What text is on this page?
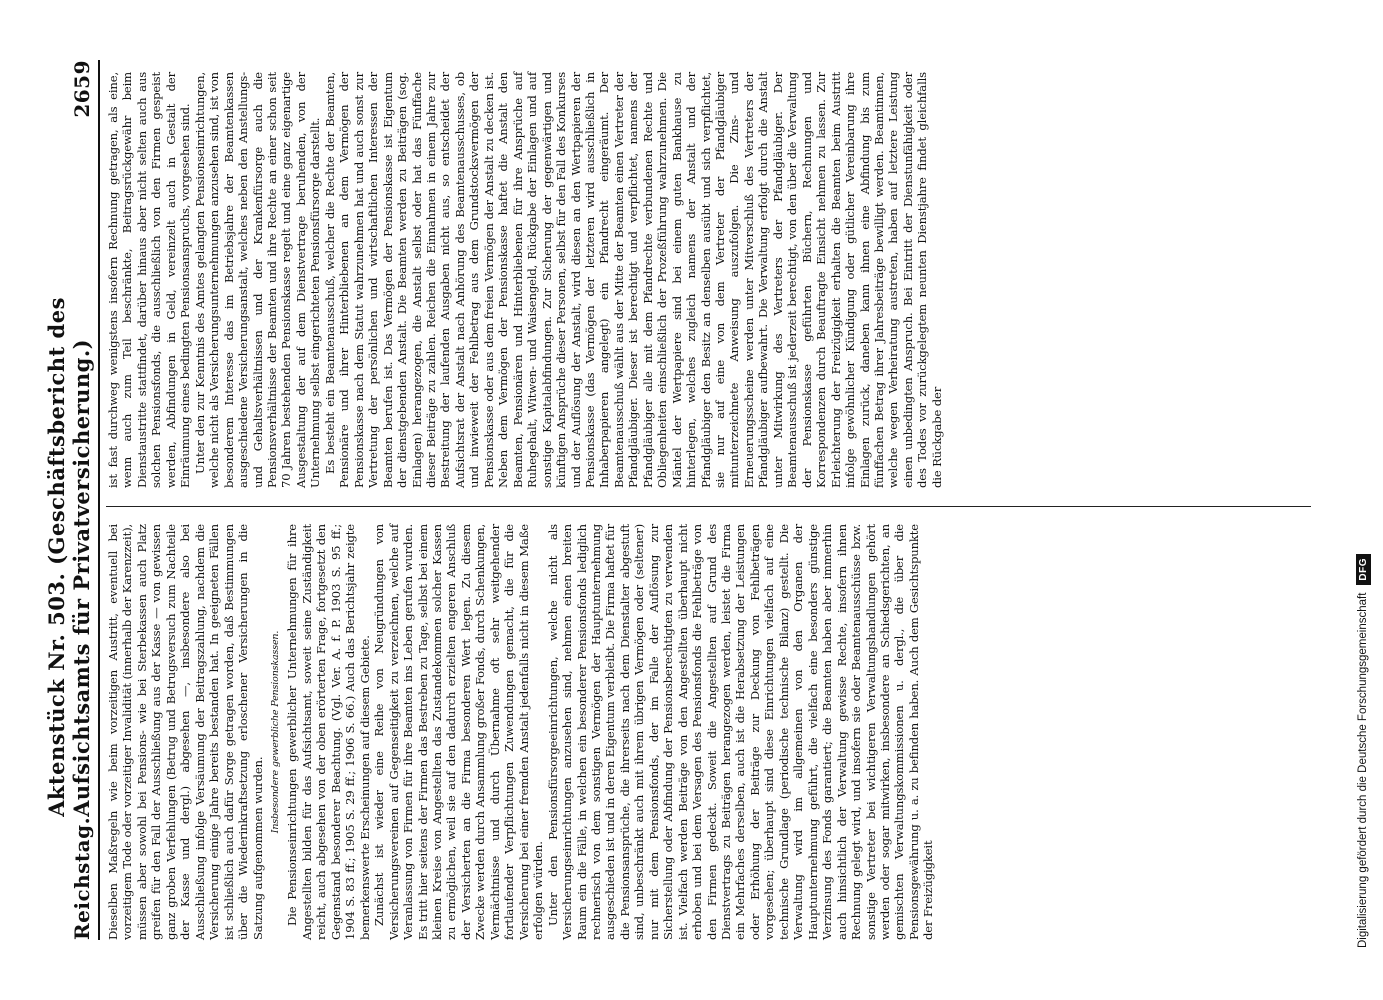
Reichstag.
Aktenstück Nr. 503. (Geschäftsbericht des Aufsichtsamts für Privatversicherung.)
2659

Dieselben Maßregeln wie beim vorzeitigen Austritt, eventuell bei vorzeitigem Tode oder vorzeitiger Invalidität (innerhalb der Karenzzeit), müssen aber sowohl bei Pensions- wie bei Sterbekassen auch Platz greifen für den Fall der Ausschließung aus der Kasse — von gewissen ganz groben Verfehlungen (Betrug und Betrugsversuch zum Nachteile der Kasse und dergl.) abgesehen —, insbesondere also bei Ausschließung infolge Versäumung der Beitragszahlung, nachdem die Versicherung einige Jahre bereits bestanden hat. In geeigneten Fällen ist schließlich auch dafür Sorge getragen worden, daß Bestimmungen über die Wiederinkraftsetzung erloschener Versicherungen in die Satzung aufgenommen wurden.

Insbesondere gewerbliche Pensionskassen. Die Pensionseinrichtungen gewerblicher Unternehmungen für ihre Angestellten bilden für das Aufsichtsamt, soweit seine Zuständigkeit reicht, auch abgesehen von der oben erörterten Frage, fortgesetzt den Gegenstand besonderer Beachtung. (Vgl. Ver. A. f. P. 1903 S. 95 ff.; 1904 S. 83 ff.; 1905 S. 29 ff.; 1906 S. 66.) Auch das Berichtsjahr zeigte bemerkenswerte Erscheinungen auf diesem Gebiete. Zunächst ist wieder eine Reihe von Neugründungen von Versicherungsvereinen auf Gegenseitigkeit zu verzeichnen, welche auf Veranlassung von Firmen für ihre Beamten ins Leben gerufen wurden. Es tritt hier seitens der Firmen das Bestreben zu Tage, selbst bei einem kleinen Kreise von Angestellten das Zustandekommen solcher Kassen zu ermöglichen, weil sie auf den dadurch erzielten engeren Anschluß der Versicherten an die Firma besonderen Wert legen. Zu diesem Zwecke werden durch Ansammlung großer Fonds, durch Schenkungen, Vermächtnisse und durch Übernahme oft sehr weitgehender fortlaufender Verpflichtungen Zuwendungen gemacht, die für die Versicherung bei einer fremden Anstalt jedenfalls nicht in diesem Maße erfolgen würden. Unter den Pensionsfürsorgeeinrichtungen, welche nicht als Versicherungseinrichtungen anzusehen sind, nehmen einen breiten Raum ein die Fälle, in welchen ein besonderer Pensionsfonds lediglich rechnerisch von dem sonstigen Vermögen der Hauptunternehmung ausgeschieden ist und in deren Eigentum verbleibt. Die Firma haftet für die Pensionsansprüche, die ihrerseits nach dem Dienstalter abgestuft sind, unbeschränkt auch mit ihrem übrigen Vermögen oder (seltener) nur mit dem Pensionsfonds, der im Falle der Auflösung zur Sicherstellung oder Abfindung der Pensionsberechtigten zu verwenden ist. Vielfach werden Beiträge von den Angestellten überhaupt nicht erhoben und bei dem Versagen des Pensionsfonds die Fehlbeträge von den Firmen gedeckt. Soweit die Angestellten auf Grund des Dienstvertrags zu Beiträgen herangezogen werden, leistet die Firma ein Mehrfaches derselben, auch ist die Herabsetzung der Leistungen oder Erhöhung der Beiträge zur Deckung von Fehlbeträgen vorgesehen; überhaupt sind diese Einrichtungen vielfach auf eine technische Grundlage (periodische technische Bilanz) gestellt. Die Verwaltung wird im allgemeinen von den Organen der Hauptunternehmung geführt, die vielfach eine besonders günstige Verzinsung des Fonds garantiert; die Beamten haben aber immerhin auch hinsichtlich der Verwaltung gewisse Rechte, insofern ihnen Rechnung gelegt wird, und insofern sie oder Beamtenausschüsse bzw. sonstige Vertreter bei wichtigeren Verwaltungshandlungen gehört werden oder sogar mitwirken, insbesondere an Schiedsgerichten, an gemischten Verwaltungskommissionen u. dergl., die über die Pensionsgewährung u. a. zu befinden haben. Auch dem Gesichtspunkte der Freizügigkeit

ist fast durchweg wenigstens insofern Rechnung getragen, als eine, wenn auch zum Teil beschränkte, Beitragsrückgewähr beim Dienstaustritte stattfindet, darüber hinaus aber nicht selten auch aus solchen Pensionsfonds, die ausschließlich von den Firmen gespeist werden, Abfindungen in Geld, vereinzelt auch in Gestalt der Einräumung eines bedingten Pensionsanspruchs, vorgesehen sind. Unter den zur Kenntnis des Amtes gelangten Pensionseinrichtungen, welche nicht als Versicherungsunternehmungen anzusehen sind, ist von besonderem Interesse das im Betriebsjahre der Beamtenkassen ausgeschiedene Versicherungsanstalt, welches neben den Anstellungs- und Gehaltsverhältnissen und der Krankenfürsorge auch die Pensionsverhältnisse der Beamten und ihre Rechte an einer schon seit 70 Jahren bestehenden Pensionskasse regelt und eine ganz eigenartige Ausgestaltung der auf dem Dienstvertrage beruhenden, von der Unternehmung selbst eingerichteten Pensionsfürsorge darstellt. Es besteht ein Beamtenausschuß, welcher die Rechte der Beamten, Pensionäre und ihrer Hinterbliebenen an dem Vermögen der Pensionskasse nach dem Statut wahrzunehmen hat und auch sonst zur Vertretung der persönlichen und wirtschaftlichen Interessen der Beamten berufen ist. Das Vermögen der Pensionskasse ist Eigentum der dienstgebenden Anstalt. Die Beamten werden zu Beiträgen (sog. Einlagen) herangezogen, die Anstalt selbst oder hat das Fünffache dieser Beiträge zu zahlen. Reichen die Einnahmen in einem Jahre zur Bestreitung der laufenden Ausgaben nicht aus, so entscheidet der Aufsichtsrat der Anstalt nach Anhörung des Beamtenausschusses, ob und inwieweit der Fehlbetrag aus dem Grundstocksvermögen der Pensionskasse oder aus dem freien Vermögen der Anstalt zu decken ist. Neben dem Vermögen der Pensionskasse haftet die Anstalt den Beamten, Pensionären und Hinterbliebenen für ihre Ansprüche auf Ruhegehalt, Witwen- und Waisengeld, Rückgabe der Einlagen und auf sonstige Kapitalabfindungen. Zur Sicherung der gegenwärtigen und künftigen Ansprüche dieser Personen, selbst für den Fall des Konkurses und der Auflösung der Anstalt, wird diesen an den Wertpapieren der Pensionskasse (das Vermögen der letzteren wird ausschließlich in Inhaberpapieren angelegt) ein Pfandrecht eingeräumt. Der Beamtenausschuß wählt aus der Mitte der Beamten einen Vertreter der Pfandgläubiger. Dieser ist berechtigt und verpflichtet, namens der Pfandgläubiger alle mit dem Pfandrechte verbundenen Rechte und Obliegenheiten einschließlich der Prozeßführung wahrzunehmen. Die Mäntel der Wertpapiere sind bei einem guten Bankhause zu hinterlegen, welches zugleich namens der Anstalt und der Pfandgläubiger den Besitz an denselben ausübt und sich verpflichtet, sie nur auf eine von dem Vertreter der Pfandgläubiger mitunterzeichnete Anweisung auszufolgen. Die Zins- und Erneuerungsscheine werden unter Mitverschluß des Vertreters der Pfandgläubiger aufbewahrt. Die Verwaltung erfolgt durch die Anstalt unter Mitwirkung des Vertreters der Pfandgläubiger. Der Beamtenausschuß ist jederzeit berechtigt, von den über die Verwaltung der Pensionskasse geführten Büchern, Rechnungen und Korrespondenzen durch Beauftragte Einsicht nehmen zu lassen. Zur Erleichterung der Freizügigkeit erhalten die Beamten beim Austritt infolge gewöhnlicher Kündigung oder gütlicher Vereinbarung ihre Einlagen zurück, daneben kann ihnen eine Abfindung bis zum fünffachen Betrag ihrer Jahresbeiträge bewilligt werden. Beamtinnen, welche wegen Verheiratung austreten, haben auf letztere Leistung einen unbedingten Anspruch. Bei Eintritt der Dienstunfähigkeit oder des Todes vor zurückgelegtem neunten Dienstjahre findet gleichfalls die Rückgabe der

Digitalisierung gefördert durch die Deutsche Forschungsgemeinschaft
DFG
